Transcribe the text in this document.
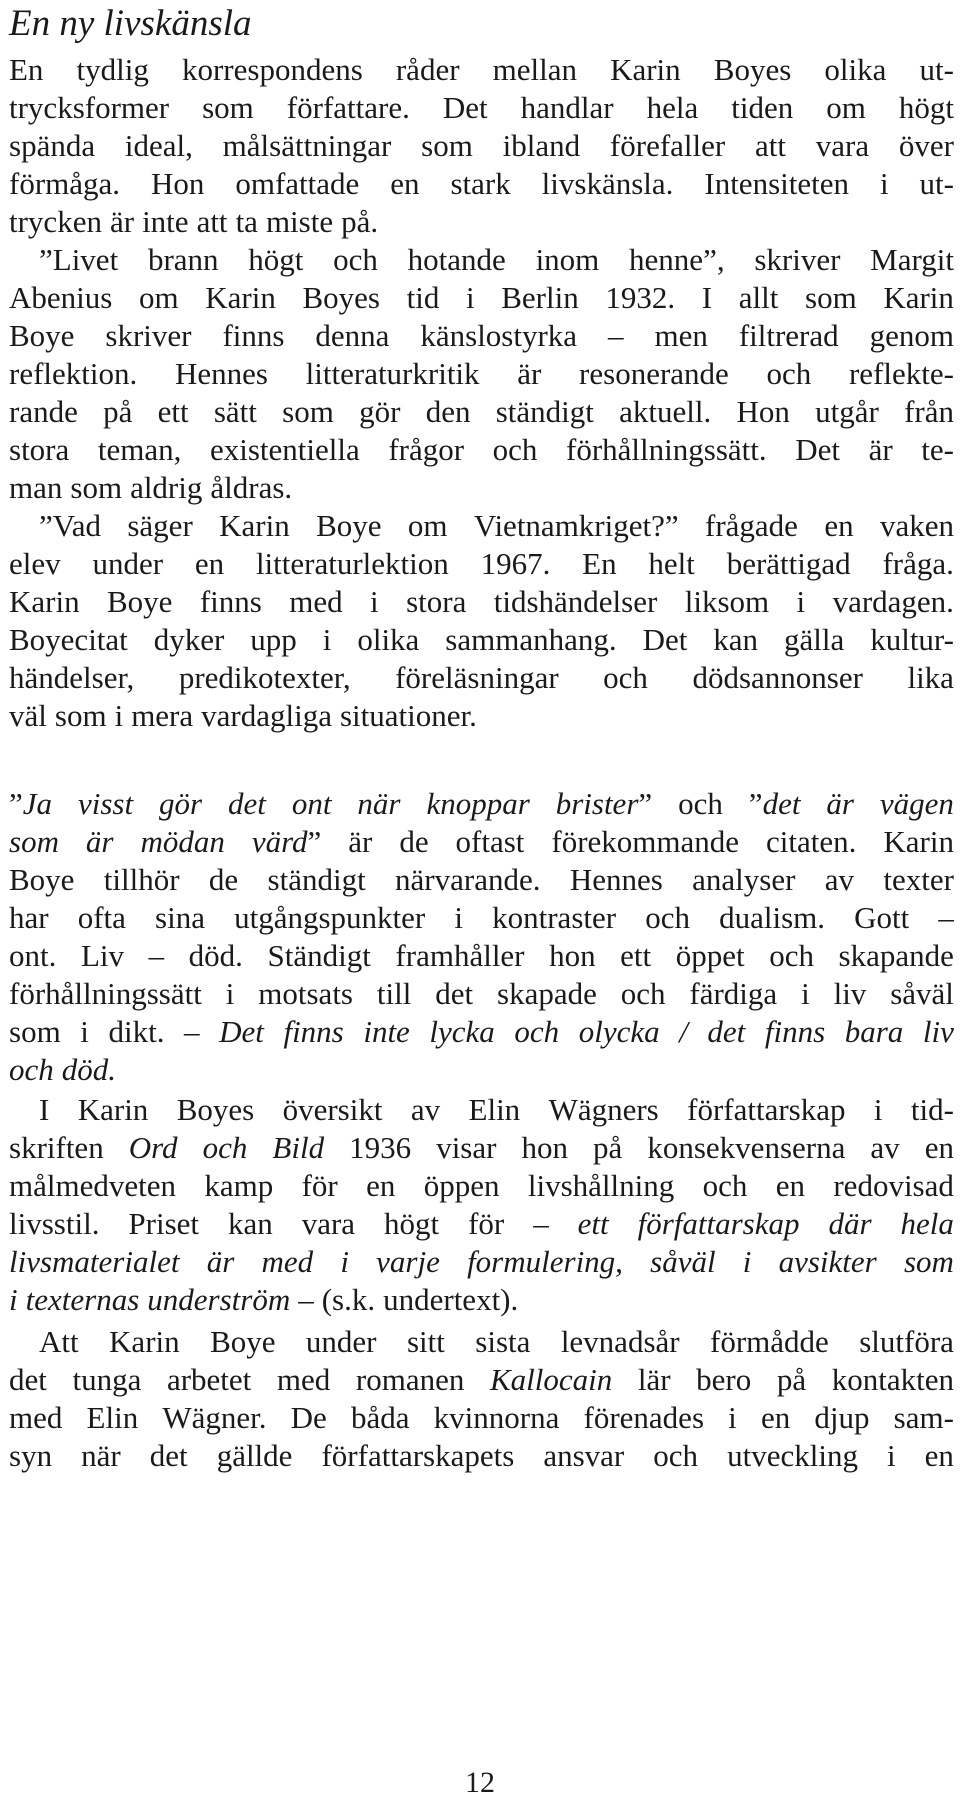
En ny livskänsla
En tydlig korrespondens råder mellan Karin Boyes olika ut-
trycksformer som författare. Det handlar hela tiden om högt
spända ideal, målsättningar som ibland förefaller att vara över
förmåga. Hon omfattade en stark livskänsla. Intensiteten i ut-
trycken är inte att ta miste på.
”Livet brann högt och hotande inom henne”, skriver Margit
Abenius om Karin Boyes tid i Berlin 1932. I allt som Karin
Boye skriver finns denna känslostyrka – men filtrerad genom
reflektion. Hennes litteraturkritik är resonerande och reflekte-
rande på ett sätt som gör den ständigt aktuell. Hon utgår från
stora teman, existentiella frågor och förhållningssätt. Det är te-
man som aldrig åldras.
”Vad säger Karin Boye om Vietnamkriget?” frågade en vaken
elev under en litteraturlektion 1967. En helt berättigad fråga.
Karin Boye finns med i stora tidshändelser liksom i vardagen.
Boyecitat dyker upp i olika sammanhang. Det kan gälla kultur-
händelser, predikotexter, föreläsningar och dödsannonser lika
väl som i mera vardagliga situationer.
”Ja visst gör det ont när knoppar brister” och ”det är vägen
som är mödan värd” är de oftast förekommande citaten. Karin
Boye tillhör de ständigt närvarande. Hennes analyser av texter
har ofta sina utgångspunkter i kontraster och dualism. Gott –
ont. Liv – död. Ständigt framhåller hon ett öppet och skapande
förhållningssätt i motsats till det skapade och färdiga i liv såväl
som i dikt. – Det finns inte lycka och olycka / det finns bara liv
och död.
I Karin Boyes översikt av Elin Wägners författarskap i tid-
skriften Ord och Bild 1936 visar hon på konsekvenserna av en
målmedveten kamp för en öppen livshållning och en redovisad
livsstil. Priset kan vara högt för – ett författarskap där hela
livsmaterialet är med i varje formulering, såväl i avsikter som
i texternas underström – (s.k. undertext).
Att Karin Boye under sitt sista levnadsår förmådde slutföra
det tunga arbetet med romanen Kallocain lär bero på kontakten
med Elin Wägner. De båda kvinnorna förenades i en djup sam-
syn när det gällde författarskapets ansvar och utveckling i en
12
